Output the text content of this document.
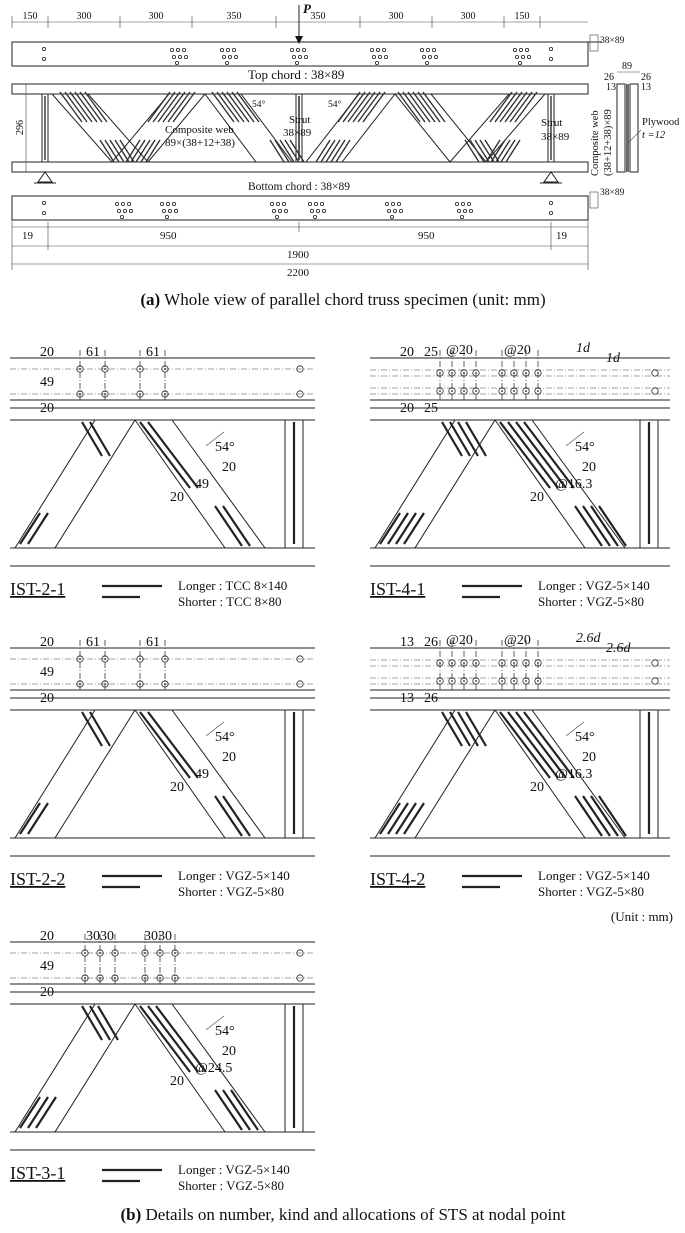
150	300	300	350	350	300	300	150
P
38×89
296
Top chord : 38×89
Bottom chord : 38×89
54°	54°
Composite web
89×(38+12+38)
Strut
38×89
Strut
38×89
89
26	26
13	13
Composite web (38+12+38)×89	Plywood
t =12
38×89
19	950
1900
950	19
2200
(a) Whole view of parallel chord truss specimen (unit: mm)
20
49
20
61	61
54°
20
49
20
IST-2-1	Longer : TCC 8×140
Shorter : TCC 8×80
20 25
20 25
@20 @20	1d
1d
54°
20
@16.3
20
IST-4-1	Longer : VGZ-5×140
Shorter : VGZ-5×80
20
49
20
61	61
54°
20
49
20
IST-2-2	Longer : VGZ-5×140
Shorter : VGZ-5×80
13 26
13 26
@20 @20	2.6d
2.6d
54°
20
@16.3
20
IST-4-2	Longer : VGZ-5×140
Shorter : VGZ-5×80
20
49
20
3030 3030
54°
20
@24.5
20
IST-3-1	Longer : VGZ-5×140
Shorter : VGZ-5×80
(Unit : mm)
(b) Details on number, kind and allocations of STS at nodal point
